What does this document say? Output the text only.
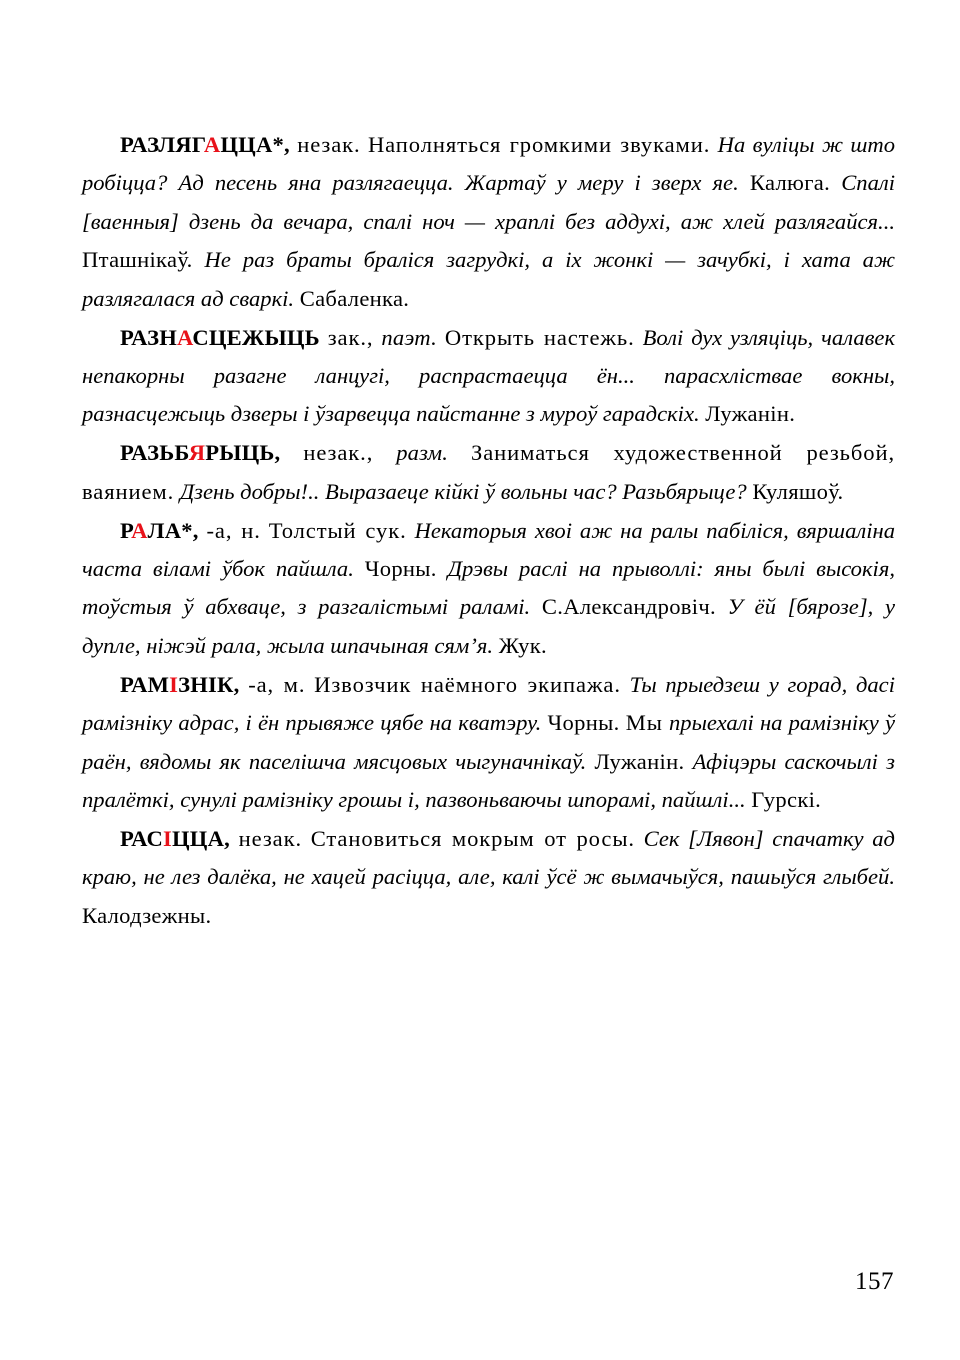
РАЗЛЯГАЦЦА*, незак. Наполняться громкими звуками. На вуліцы ж што робіцца? Ад песень яна разлягаецца. Жартаў у меру і зверх яе. Калюга. Спалі [ваенныя] дзень да вечара, спалі ноч — храплі без аддухі, аж хлей разлягайся... Пташнікаў. Не раз браты браліся загрудкі, а іх жонкі — зачубкі, і хата аж разлягалася ад сваркі. Сабаленка.

РАЗНАСЦЕЖЫЦЬ зак., паэт. Открыть настежь. Волі дух узляціць, чалавек непакорны разагне ланцугі, распрастаецца ён... парасхліствае вокны, разнасцежыць дзверы і ўзарвецца пайстанне з муроў гарадскіх. Лужанін.

РАЗЬБЯРЫЦЬ, незак., разм. Заниматься художественной резьбой, ваянием. Дзень добры!.. Выразаеце кійкі ў вольны час? Разьбярыце? Куляшоў.

РАЛА*, -а, н. Толстый сук. Некаторыя хвоі аж на ралы пабіліся, вяршаліна часта віламі ўбок пайшла. Чорны. Дрэвы раслі на прыволлі: яны былі высокія, тоўстыя ў абхваце, з разгалістымі раламі. С.Александровіч. У ёй [бярозе], у дупле, ніжэй рала, жыла шпачыная сям’я. Жук.

РАМІЗНІК, -а, м. Извозчик наёмного экипажа. Ты прыедзеш у горад, дасі рамізніку адрас, і ён прывяже цябе на кватэру. Чорны. Мы прыехалі на рамізніку ў раён, вядомы як паселішча мясцовых чыгуначнікаў. Лужанін. Афіцэры саскочылі з пралёткі, сунулі рамізніку грошы і, пазвоньваючы шпорамі, пайшлі... Гурскі.

РАСІЦЦА, незак. Становиться мокрым от росы. Сек [Лявон] спачатку ад краю, не лез далёка, не хацей расіцца, але, калі ўсё ж вымачыўся, пашыўся глыбей. Калодзежны.

157
